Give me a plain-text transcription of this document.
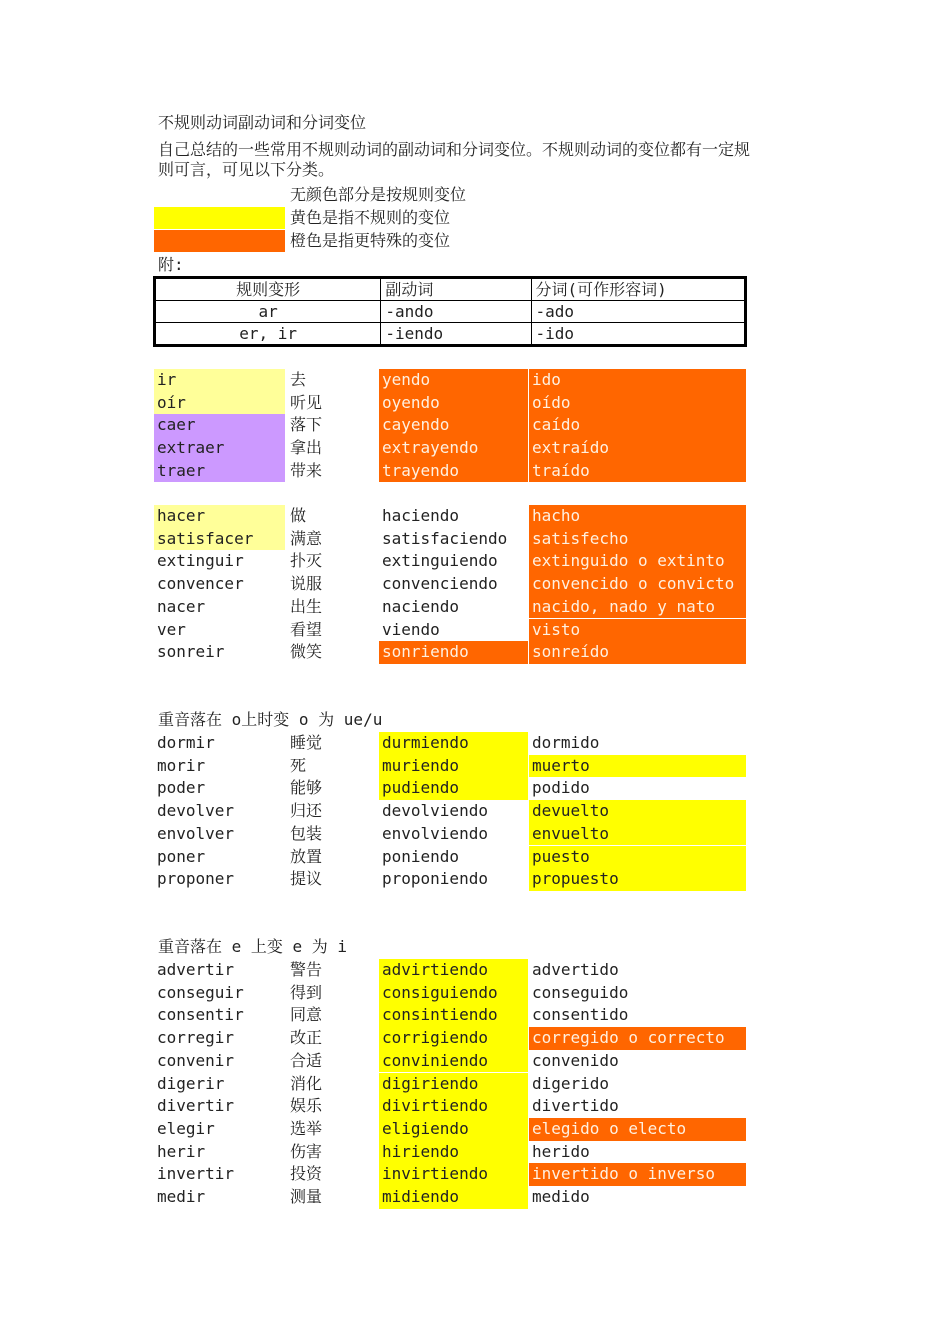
不规则动词副动词和分词变位
自己总结的一些常用不规则动词的副动词和分词变位。不规则动词的变位都有一定规则可言，可见以下分类。
无颜色部分是按规则变位
黄色是指不规则的变位
橙色是指更特殊的变位
附:
规则变形	副动词	分词(可作形容词)
ar	-ando	-ado
er, ir	-iendo	-ido
ir	去	yendo	ido
oír	听见	oyendo	oído
caer	落下	cayendo	caído
extraer	拿出	extrayendo	extraído
traer	带来	trayendo	traído
hacer	做	haciendo	hacho
satisfacer	满意	satisfaciendo	satisfecho
extinguir	扑灭	extinguiendo	extinguido o extinto
convencer	说服	convenciendo	convencido o convicto
nacer	出生	naciendo	nacido, nado y nato
ver	看望	viendo	visto
sonreir	微笑	sonriendo	sonreído
重音落在 o上时变 o 为 ue/u
dormir	睡觉	durmiendo	dormido
morir	死	muriendo	muerto
poder	能够	pudiendo	podido
devolver	归还	devolviendo	devuelto
envolver	包装	envolviendo	envuelto
poner	放置	poniendo	puesto
proponer	提议	proponiendo	propuesto
重音落在 e 上变 e 为 i
advertir	警告	advirtiendo	advertido
conseguir	得到	consiguiendo	conseguido
consentir	同意	consintiendo	consentido
corregir	改正	corrigiendo	corregido o correcto
convenir	合适	conviniendo	convenido
digerir	消化	digiriendo	digerido
divertir	娱乐	divirtiendo	divertido
elegir	选举	eligiendo	elegido o electo
herir	伤害	hiriendo	herido
invertir	投资	invirtiendo	invertido o inverso
medir	测量	midiendo	medido
